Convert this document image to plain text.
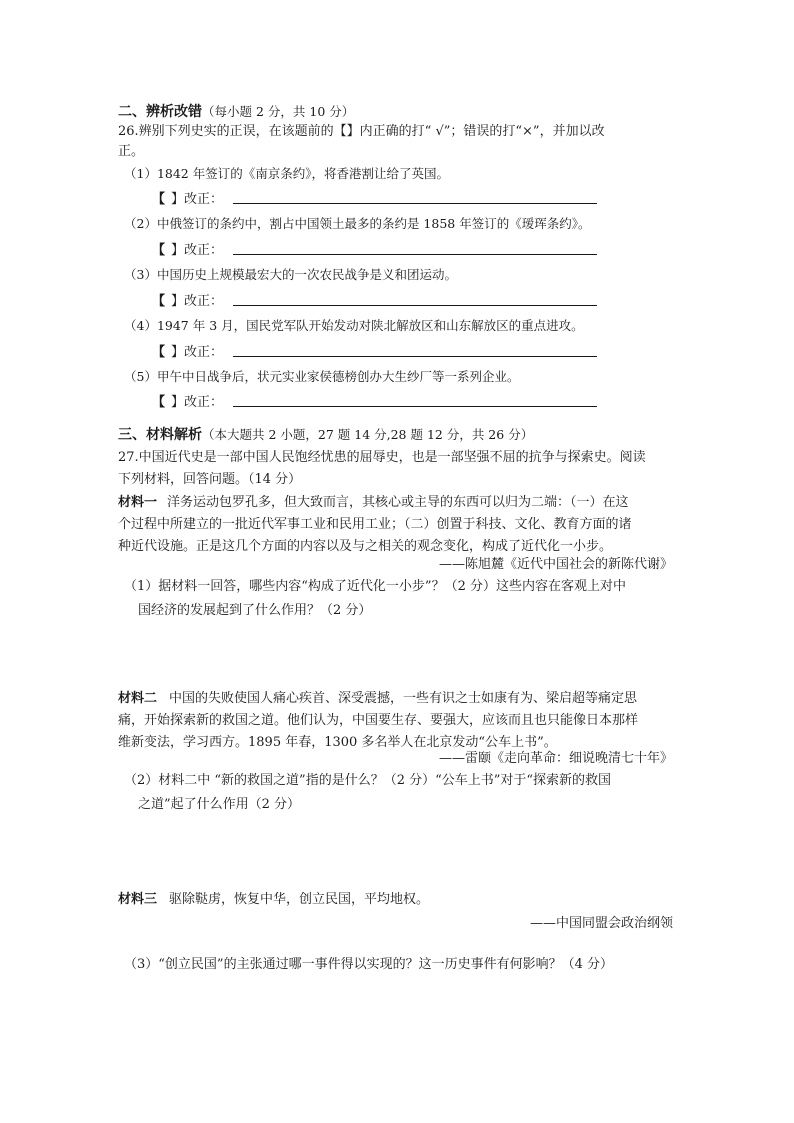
二、辨析改错（每小题 2 分，共 10 分）
26.辨别下列史实的正误，在该题前的【】内正确的打“ √”；错误的打“×”，并加以改
正。
（1）1842 年签订的《南京条约》，将香港割让给了英国。
【 】改正：
（2）中俄签订的条约中，割占中国领土最多的条约是 1858 年签订的《瑷珲条约》。
【 】改正：
（3）中国历史上规模最宏大的一次农民战争是义和团运动。
【 】改正：
（4）1947 年 3 月，国民党军队开始发动对陕北解放区和山东解放区的重点进攻。
【 】改正：
（5）甲午中日战争后，状元实业家侯德榜创办大生纱厂等一系列企业。
【 】改正：
三、材料解析（本大题共 2 小题，27 题 14 分,28 题 12 分，共 26 分）
27.中国近代史是一部中国人民饱经忧患的屈辱史，也是一部坚强不屈的抗争与探索史。阅读
下列材料，回答问题。（14 分）
材料一 洋务运动包罗孔多，但大致而言，其核心或主导的东西可以归为二端：（一）在这
个过程中所建立的一批近代军事工业和民用工业；（二）创置于科技、文化、教育方面的诸
种近代设施。正是这几个方面的内容以及与之相关的观念变化，构成了近代化一小步。
——陈旭麓《近代中国社会的新陈代谢》
（1）据材料一回答，哪些内容“构成了近代化一小步”？（2 分）这些内容在客观上对中
国经济的发展起到了什么作用？（2 分）
材料二 中国的失败使国人痛心疾首、深受震撼，一些有识之士如康有为、梁启超等痛定思
痛，开始探索新的救国之道。他们认为，中国要生存、要强大，应该而且也只能像日本那样
维新变法，学习西方。1895 年春，1300 多名举人在北京发动“公车上书”。
——雷颐《走向革命：细说晚清七十年》
（2）材料二中 “新的救国之道”指的是什么？（2 分）“公车上书”对于“探索新的救国
之道”起了什么作用（2 分）
材料三 驱除鞑虏，恢复中华，创立民国，平均地权。
——中国同盟会政治纲领
（3）“创立民国”的主张通过哪一事件得以实现的？这一历史事件有何影响？（4 分）
